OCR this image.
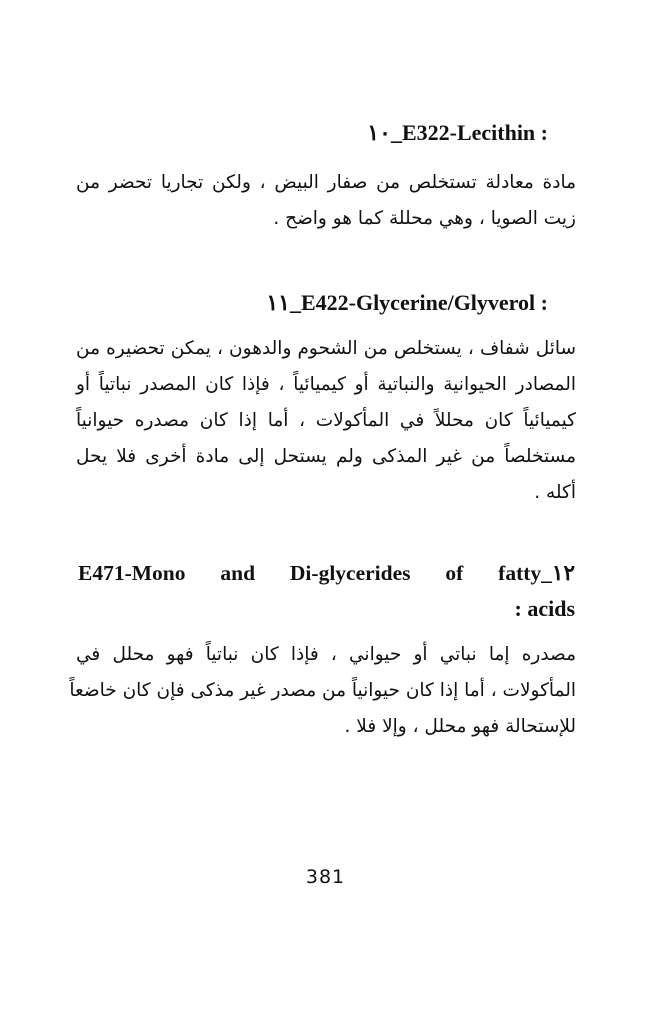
١٠_E322-Lecithin :
مادة معادلة تستخلص من صفار البيض ، ولكن تجاريا تحضر من
زيت الصويا ، وهي محللة كما هو واضح .
١١_E422-Glycerine/Glyverol :
سائل شفاف ، يستخلص من الشحوم والدهون ، يمكن تحضيره من
المصادر الحيوانية والنباتية أو كيميائياً ، فإذا كان المصدر نباتياً أو
كيميائياً كان محللاً في المأكولات ، أما إذا كان مصدره حيوانياً
مستخلصاً من غير المذكى ولم يستحل إلى مادة أخرى فلا يحل
أكله .
E471-Mono and Di-glycerides of fatty_١٢
: acids
مصدره إما نباتي أو حيواني ، فإذا كان نباتياً فهو محلل في
المأكولات ، أما إذا كان حيوانياً من مصدر غير مذكى فإن كان خاضعاً
للإستحالة فهو محلل ، وإلا فلا .
381
